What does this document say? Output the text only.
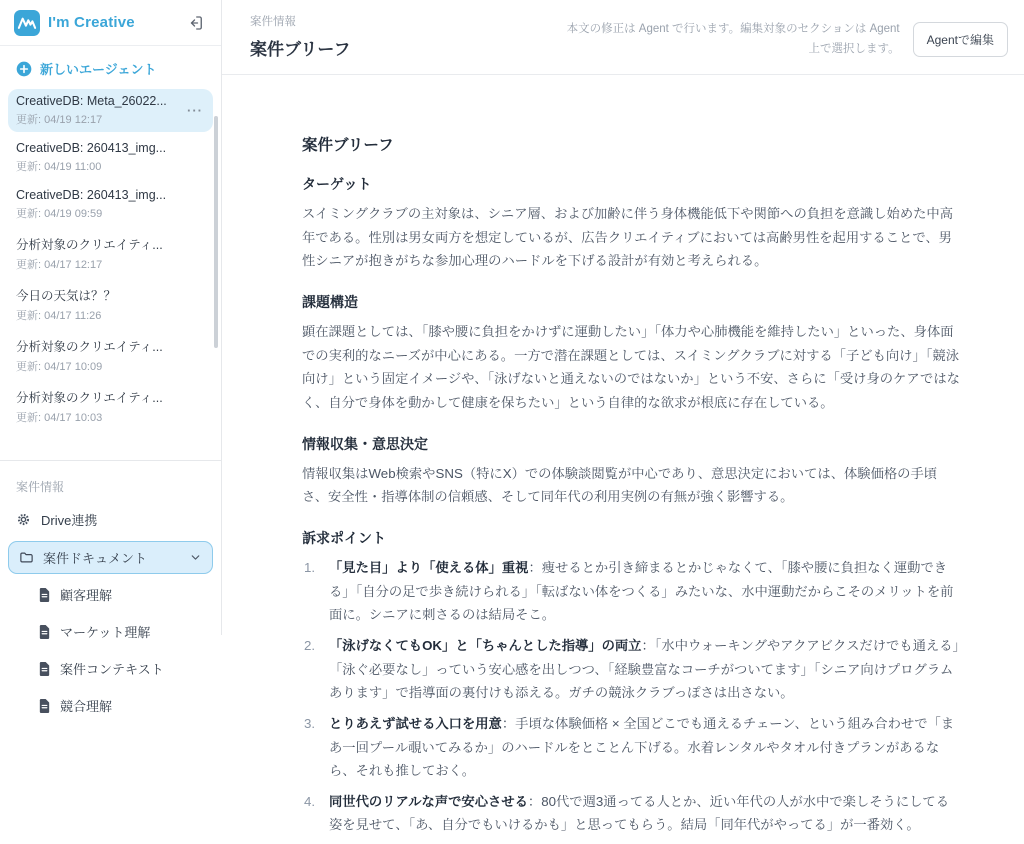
I'm Creative
新しいエージェント
CreativeDB: Meta_26022...
更新: 04/19 12:17
···
CreativeDB: 260413_img...
更新: 04/19 11:00
CreativeDB: 260413_img...
更新: 04/19 09:59
分析対象のクリエイティ...
更新: 04/17 12:17
今日の天気は？？
更新: 04/17 11:26
分析対象のクリエイティ...
更新: 04/17 10:09
分析対象のクリエイティ...
更新: 04/17 10:03
案件情報
Drive連携
案件ドキュメント
顧客理解
マーケット理解
案件コンテキスト
競合理解
案件情報
案件ブリーフ
本文の修正は Agent で行います。編集対象のセクションは Agent
上で選択します。
Agentで編集
案件ブリーフ
ターゲット

スイミングクラブの主対象は、シニア層、および加齢に伴う身体機能低下や関節への負担を意識し始めた中高年である。性別は男女両方を想定しているが、広告クリエイティブにおいては高齢男性を起用することで、男性シニアが抱きがちな参加心理のハードルを下げる設計が有効と考えられる。

課題構造

顕在課題としては、「膝や腰に負担をかけずに運動したい」「体力や心肺機能を維持したい」といった、身体面での実利的なニーズが中心にある。一方で潜在課題としては、スイミングクラブに対する「子ども向け」「競泳向け」という固定イメージや、「泳げないと通えないのではないか」という不安、さらに「受け身のケアではなく、自分で身体を動かして健康を保ちたい」という自律的な欲求が根底に存在している。

情報収集・意思決定

情報収集はWeb検索やSNS（特にX）での体験談閲覧が中心であり、意思決定においては、体験価格の手頃さ、安全性・指導体制の信頼感、そして同年代の利用実例の有無が強く影響する。

訴求ポイント
「見た目」より「使える体」重視：痩せるとか引き締まるとかじゃなくて、「膝や腰に負担なく運動できる」「自分の足で歩き続けられる」「転ばない体をつくる」みたいな、水中運動だからこそのメリットを前面に。シニアに刺さるのは結局そこ。
「泳げなくてもOK」と「ちゃんとした指導」の両立：「水中ウォーキングやアクアビクスだけでも通える」「泳ぐ必要なし」っていう安心感を出しつつ、「経験豊富なコーチがついてます」「シニア向けプログラムあります」で指導面の裏付けも添える。ガチの競泳クラブっぽさは出さない。
とりあえず試せる入口を用意：手頃な体験価格 × 全国どこでも通えるチェーン、という組み合わせで「まあ一回プール覗いてみるか」のハードルをとことん下げる。水着レンタルやタオル付きプランがあるなら、それも推しておく。
同世代のリアルな声で安心させる：80代で週3通ってる人とか、近い年代の人が水中で楽しそうにしてる姿を見せて、「あ、自分でもいけるかも」と思ってもらう。結局「同年代がやってる」が一番効く。
